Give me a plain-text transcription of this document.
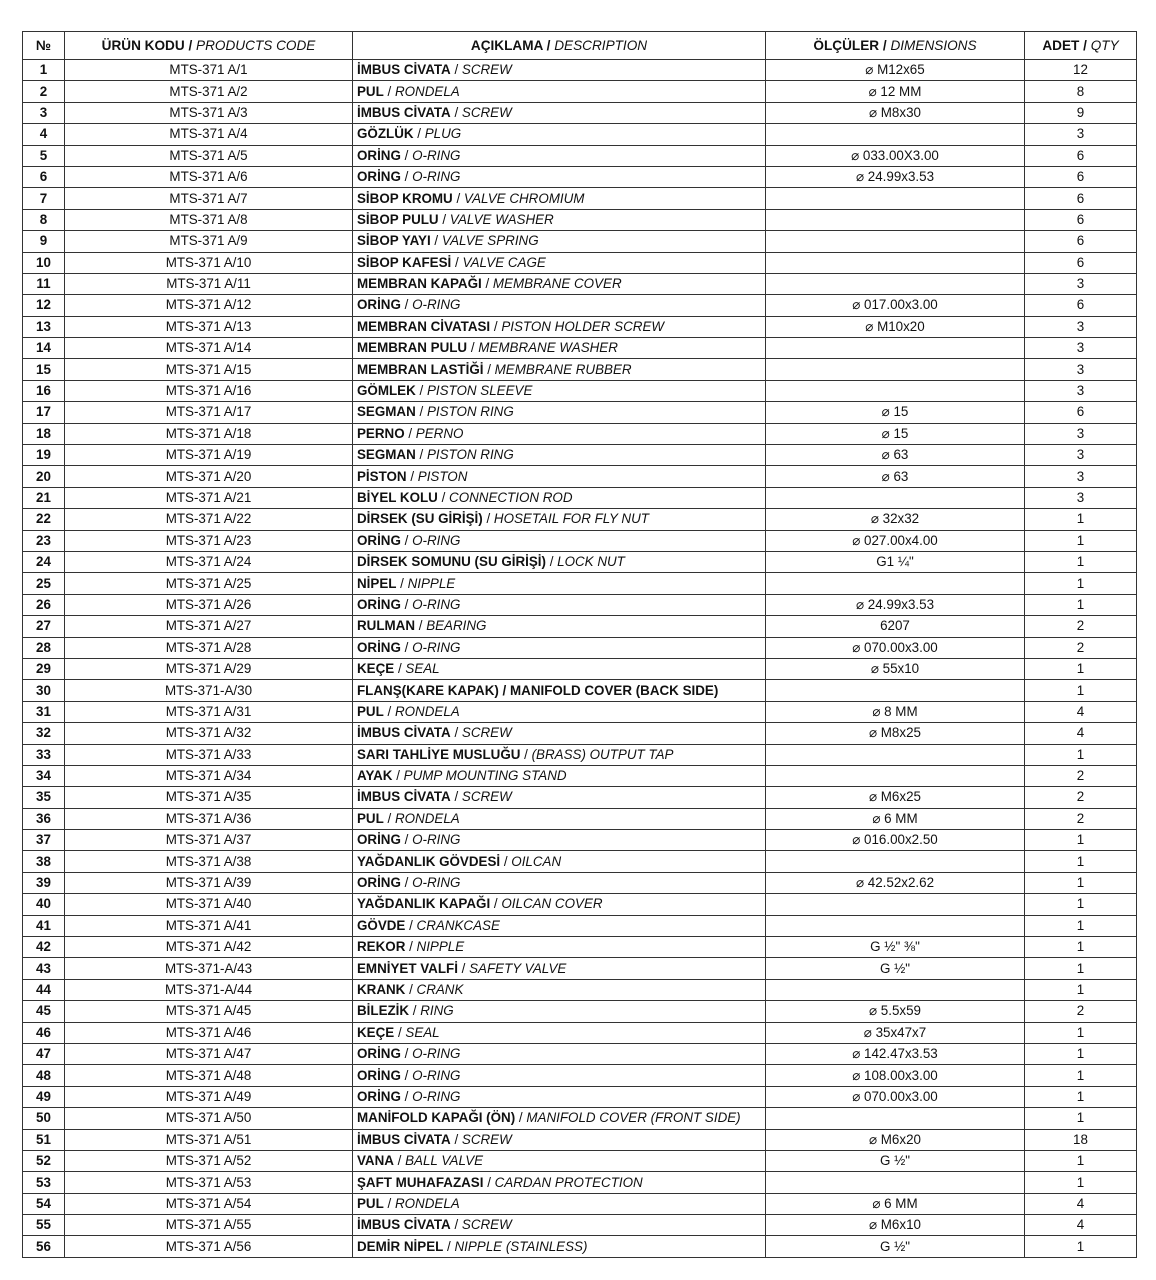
№	ÜRÜN KODU / PRODUCTS CODE	AÇIKLAMA / DESCRIPTION	ÖLÇÜLER / DIMENSIONS	ADET / QTY
1	MTS-371 A/1	İMBUS CİVATA / SCREW	⌀ M12x65	12
2	MTS-371 A/2	PUL / RONDELA	⌀ 12 MM	8
3	MTS-371 A/3	İMBUS CİVATA / SCREW	⌀ M8x30	9
4	MTS-371 A/4	GÖZLÜK / PLUG		3
5	MTS-371 A/5	ORİNG / O-RING	⌀ 033.00X3.00	6
6	MTS-371 A/6	ORİNG / O-RING	⌀ 24.99x3.53	6
7	MTS-371 A/7	SİBOP KROMU / VALVE CHROMIUM		6
8	MTS-371 A/8	SİBOP PULU / VALVE WASHER		6
9	MTS-371 A/9	SİBOP YAYI / VALVE SPRING		6
10	MTS-371 A/10	SİBOP KAFESİ / VALVE CAGE		6
11	MTS-371 A/11	MEMBRAN KAPAĞI / MEMBRANE COVER		3
12	MTS-371 A/12	ORİNG / O-RING	⌀ 017.00x3.00	6
13	MTS-371 A/13	MEMBRAN CİVATASI / PISTON HOLDER SCREW	⌀ M10x20	3
14	MTS-371 A/14	MEMBRAN PULU / MEMBRANE WASHER		3
15	MTS-371 A/15	MEMBRAN LASTİĞİ / MEMBRANE RUBBER		3
16	MTS-371 A/16	GÖMLEK / PISTON SLEEVE		3
17	MTS-371 A/17	SEGMAN / PISTON RING	⌀ 15	6
18	MTS-371 A/18	PERNO / PERNO	⌀ 15	3
19	MTS-371 A/19	SEGMAN / PISTON RING	⌀ 63	3
20	MTS-371 A/20	PİSTON / PISTON	⌀ 63	3
21	MTS-371 A/21	BİYEL KOLU / CONNECTION ROD		3
22	MTS-371 A/22	DİRSEK (SU GİRİŞİ) / HOSETAIL FOR FLY NUT	⌀ 32x32	1
23	MTS-371 A/23	ORİNG / O-RING	⌀ 027.00x4.00	1
24	MTS-371 A/24	DİRSEK SOMUNU (SU GİRİŞİ) / LOCK NUT	G1 ¼"	1
25	MTS-371 A/25	NİPEL / NIPPLE		1
26	MTS-371 A/26	ORİNG / O-RING	⌀ 24.99x3.53	1
27	MTS-371 A/27	RULMAN / BEARING	6207	2
28	MTS-371 A/28	ORİNG / O-RING	⌀ 070.00x3.00	2
29	MTS-371 A/29	KEÇE / SEAL	⌀ 55x10	1
30	MTS-371-A/30	FLANŞ(KARE KAPAK) / MANIFOLD COVER (BACK SIDE)		1
31	MTS-371 A/31	PUL / RONDELA	⌀ 8 MM	4
32	MTS-371 A/32	İMBUS CİVATA / SCREW	⌀ M8x25	4
33	MTS-371 A/33	SARI TAHLİYE MUSLUĞU / (BRASS) OUTPUT TAP		1
34	MTS-371 A/34	AYAK / PUMP MOUNTING STAND		2
35	MTS-371 A/35	İMBUS CİVATA / SCREW	⌀ M6x25	2
36	MTS-371 A/36	PUL / RONDELA	⌀ 6 MM	2
37	MTS-371 A/37	ORİNG / O-RING	⌀ 016.00x2.50	1
38	MTS-371 A/38	YAĞDANLIK GÖVDESİ / OILCAN		1
39	MTS-371 A/39	ORİNG / O-RING	⌀ 42.52x2.62	1
40	MTS-371 A/40	YAĞDANLIK KAPAĞI / OILCAN COVER		1
41	MTS-371 A/41	GÖVDE / CRANKCASE		1
42	MTS-371 A/42	REKOR / NIPPLE	G ½" ⅜"	1
43	MTS-371-A/43	EMNİYET VALFİ / SAFETY VALVE	G ½"	1
44	MTS-371-A/44	KRANK / CRANK		1
45	MTS-371 A/45	BİLEZİK / RING	⌀ 5.5x59	2
46	MTS-371 A/46	KEÇE / SEAL	⌀ 35x47x7	1
47	MTS-371 A/47	ORİNG / O-RING	⌀ 142.47x3.53	1
48	MTS-371 A/48	ORİNG / O-RING	⌀ 108.00x3.00	1
49	MTS-371 A/49	ORİNG / O-RING	⌀ 070.00x3.00	1
50	MTS-371 A/50	MANİFOLD KAPAĞI (ÖN) / MANIFOLD COVER (FRONT SIDE)		1
51	MTS-371 A/51	İMBUS CİVATA / SCREW	⌀ M6x20	18
52	MTS-371 A/52	VANA / BALL VALVE	G ½"	1
53	MTS-371 A/53	ŞAFT MUHAFAZASI / CARDAN PROTECTION		1
54	MTS-371 A/54	PUL / RONDELA	⌀ 6 MM	4
55	MTS-371 A/55	İMBUS CİVATA / SCREW	⌀ M6x10	4
56	MTS-371 A/56	DEMİR NİPEL / NIPPLE (STAINLESS)	G ½"	1
